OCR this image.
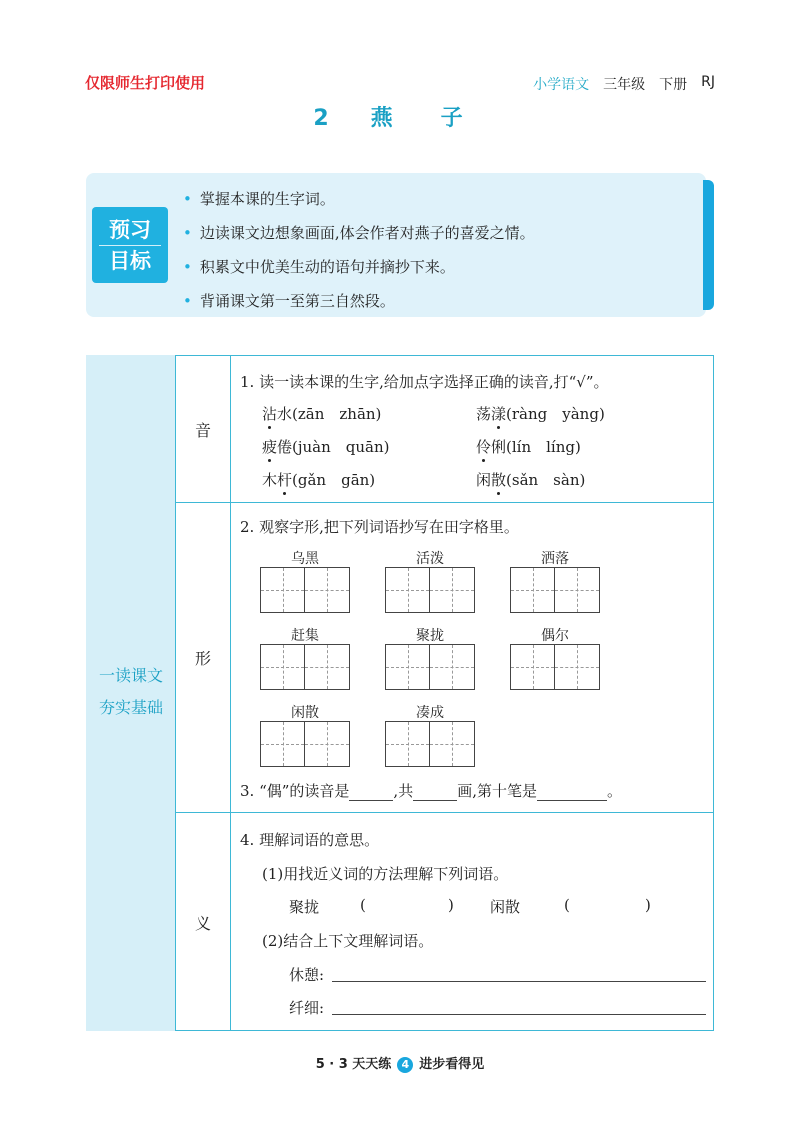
仅限师生打印使用	小学语文 三年级 下册 RJ
2 燕 子
预习
目标
• 掌握本课的生字词。
• 边读课文边想象画面,体会作者对燕子的喜爱之情。
• 积累文中优美生动的语句并摘抄下来。
• 背诵课文第一至第三自然段。
一读课文
夯实基础
音
形
义
1. 读一读本课的生字,给加点字选择正确的读音,打“√”。
沾水(zān　zhān)	荡漾(ràng　yàng)
疲倦(juàn　quān)	伶俐(lín　líng)
木杆(gǎn　gān)	闲散(sǎn　sàn)
2. 观察字形,把下列词语抄写在田字格里。
乌黑	活泼	洒落
赶集	聚拢	偶尔
闲散	凑成
3. “偶”的读音是	,共	画,第十笔是	。
4. 理解词语的意思。
(1)用找近义词的方法理解下列词语。
聚拢	(	) 闲散	(	)
(2)结合上下文理解词语。
休憩:
纤细:
5 · 3 天天练 4 进步看得见
